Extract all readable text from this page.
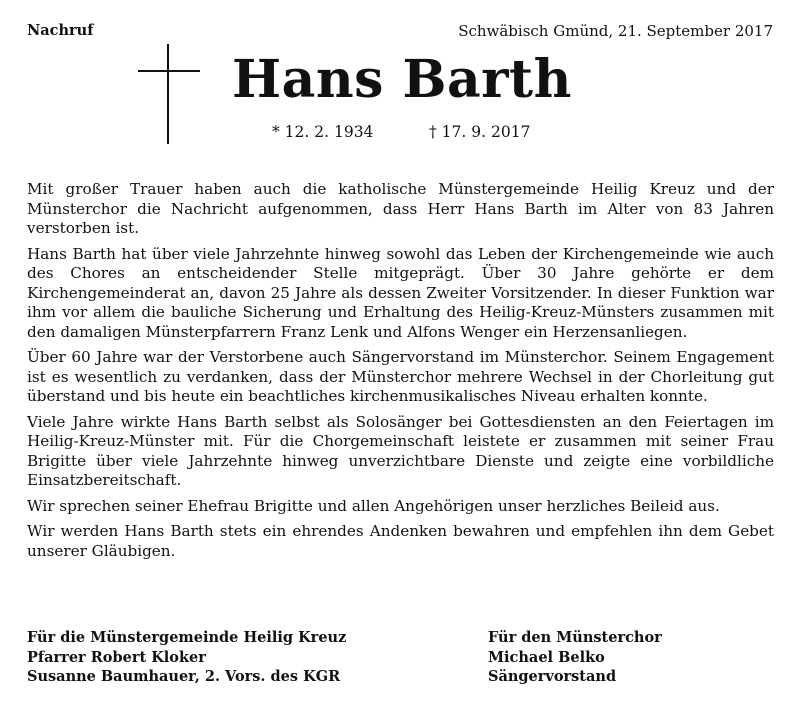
Nachruf	Schwäbisch Gmünd, 21. September 2017
Hans Barth
* 12. 2. 1934	† 17. 9. 2017

Mit großer Trauer haben auch die katholische Münstergemeinde Heilig Kreuz und der Münsterchor die Nachricht aufgenommen, dass Herr Hans Barth im Alter von 83 Jahren verstorben ist.

Hans Barth hat über viele Jahrzehnte hinweg sowohl das Leben der Kirchengemeinde wie auch des Chores an entscheidender Stelle mitgeprägt. Über 30 Jahre gehörte er dem Kirchengemeinderat an, davon 25 Jahre als dessen Zweiter Vorsitzender. In dieser Funktion war ihm vor allem die bauliche Sicherung und Erhaltung des Heilig-Kreuz-Münsters zusammen mit den damaligen Münsterpfarrern Franz Lenk und Alfons Wenger ein Herzensanliegen.

Über 60 Jahre war der Verstorbene auch Sängervorstand im Münsterchor. Seinem Engagement ist es wesentlich zu verdanken, dass der Münsterchor mehrere Wechsel in der Chorleitung gut überstand und bis heute ein beachtliches kirchenmusikalisches Niveau erhalten konnte.

Viele Jahre wirkte Hans Barth selbst als Solosänger bei Gottesdiensten an den Feiertagen im Heilig-Kreuz-Münster mit. Für die Chorgemeinschaft leistete er zusammen mit seiner Frau Brigitte über viele Jahrzehnte hinweg unverzichtbare Dienste und zeigte eine vorbildliche Einsatzbereitschaft.

Wir sprechen seiner Ehefrau Brigitte und allen Angehörigen unser herzliches Beileid aus.

Wir werden Hans Barth stets ein ehrendes Andenken bewahren und empfehlen ihn dem Gebet unserer Gläubigen.

Für die Münstergemeinde Heilig Kreuz
Pfarrer Robert Kloker
Susanne Baumhauer, 2. Vors. des KGR
Für den Münsterchor
Michael Belko
Sängervorstand
